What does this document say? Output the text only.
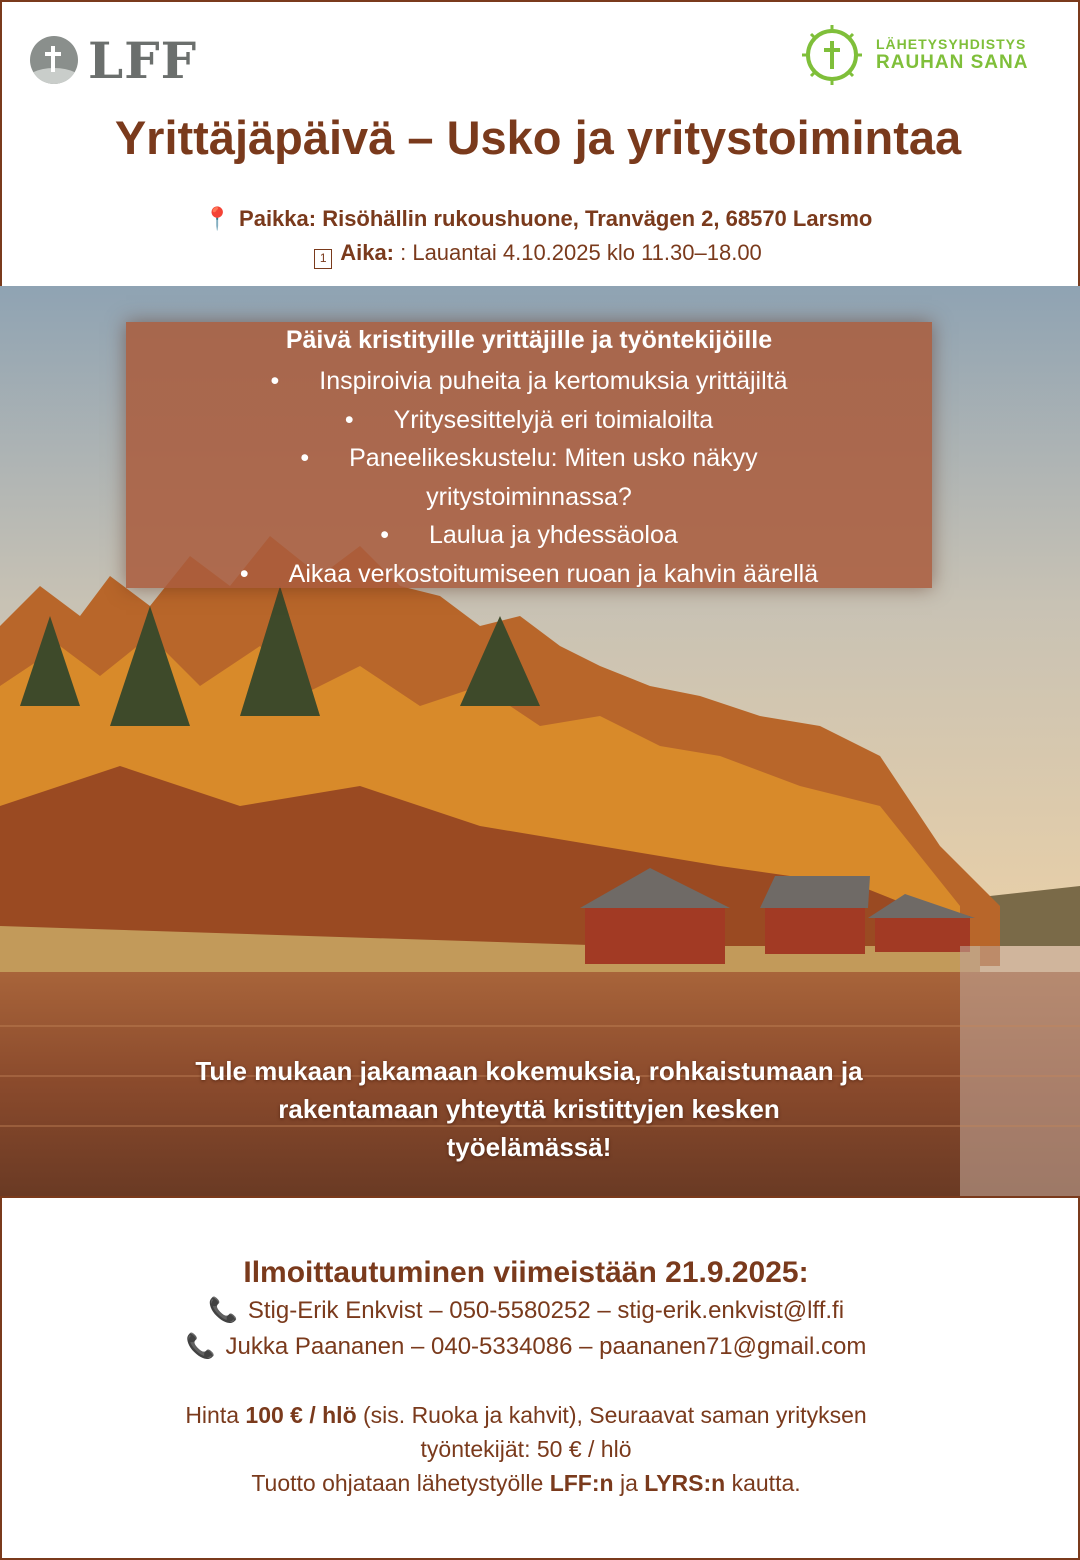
LFF	LÄHETYSYHDISTYS
RAUHAN SANA
Yrittäjäpäivä – Usko ja yritystoimintaa
📍 Paikka: Risöhällin rukoushuone, Tranvägen 2, 68570 Larsmo
1 Aika: : Lauantai 4.10.2025 klo 11.30–18.00
Päivä kristityille yrittäjille ja työntekijöille
• Inspiroivia puheita ja kertomuksia yrittäjiltä
• Yritysesittelyjä eri toimialoilta
• Paneelikeskustelu: Miten usko näkyy
yritystoiminnassa?
• Laulua ja yhdessäoloa
• Aikaa verkostoitumiseen ruoan ja kahvin äärellä
Tule mukaan jakamaan kokemuksia, rohkaistumaan ja
rakentamaan yhteyttä kristittyjen kesken
työelämässä!
Ilmoittautuminen viimeistään 21.9.2025:
📞 Stig-Erik Enkvist – 050-5580252 – stig-erik.enkvist@lff.fi
📞 Jukka Paananen – 040-5334086 – paananen71@gmail.com
Hinta 100 € / hlö (sis. Ruoka ja kahvit), Seuraavat saman yrityksen
työntekijät: 50 € / hlö
Tuotto ohjataan lähetystyölle LFF:n ja LYRS:n kautta.
